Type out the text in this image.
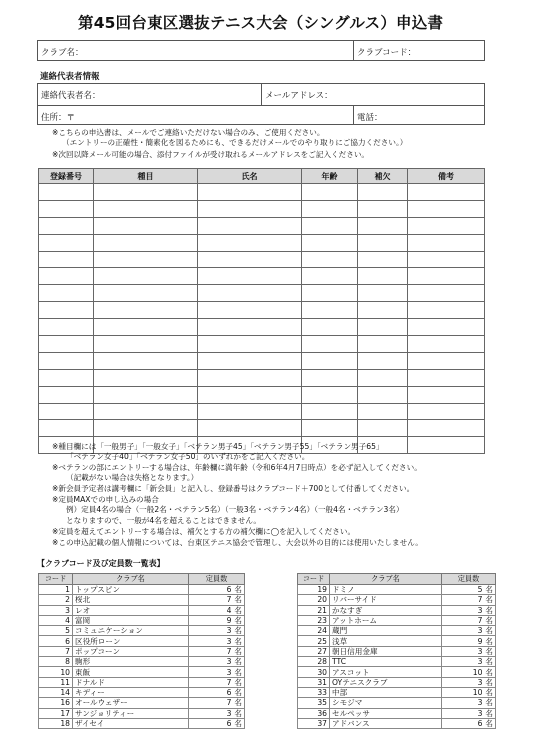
第45回台東区選抜テニス大会（シングルス）申込書
クラブ名：	クラブコード：
連絡代表者情報
連絡代表者名：	メールアドレス：
住所：〒	電話：
※こちらの申込書は、メールでご連絡いただけない場合のみ、ご使用ください。
（エントリーの正確性・簡素化を図るためにも、できるだけメールでのやり取りにご協力ください。）
※次回以降メール可能の場合、添付ファイルが受け取れるメールアドレスをご記入ください。
登録番号	種目	氏名	年齢	補欠	備考

※種目欄には「一般男子」「一般女子」「ベテラン男子45」「ベテラン男子55」「ベテラン男子65」
「ベテラン女子40」「ベテラン女子50」のいずれかをご記入ください。
※ベテランの部にエントリーする場合は、年齢欄に満年齢（令和6年4月7日時点）を必ず記入してください。
（記載がない場合は失格となります。）
※新会員予定者は講考欄に「新会員」と記入し、登録番号はクラブコード＋700として付番してください。
※定員MAXでの申し込みの場合
例）定員4名の場合（一般2名・ベテラン5名）（一般3名・ベテラン4名）（一般4名・ベテラン3名）
となりますので、一般が4名を超えることはできません。
※定員を超えてエントリーする場合は、補欠とする方の補欠欄に◯を記入してください。
※この申込記載の個人情報については、台東区テニス協会で管理し、大会以外の目的には使用いたしません。
【クラブコード及び定員数一覧表】
コード	クラブ名	定員数
1	トップスピン	6 名
2	桜北	7 名
3	レオ	4 名
4	富岡	9 名
5	コミュニケーション	3 名
6	区役所ローン	3 名
7	ポップコーン	7 名
8	駒形	3 名
10	東飯	3 名
11	ドナルド	7 名
14	キディー	6 名
16	オールウェザー	7 名
17	サンジョリティー	3 名
18	ザイセイ	6 名
コード	クラブ名	定員数
19	ドミノ	5 名
20	リバーサイド	7 名
21	かなすぎ	3 名
23	アットホーム	7 名
24	蔵門	3 名
25	浅草	9 名
27	朝日信用金庫	3 名
28	TTC	3 名
30	アスコット	10 名
31	OYテニスクラブ	3 名
33	中部	10 名
35	シモジマ	3 名
36	セルペッサ	3 名
37	アドバンス	6 名
